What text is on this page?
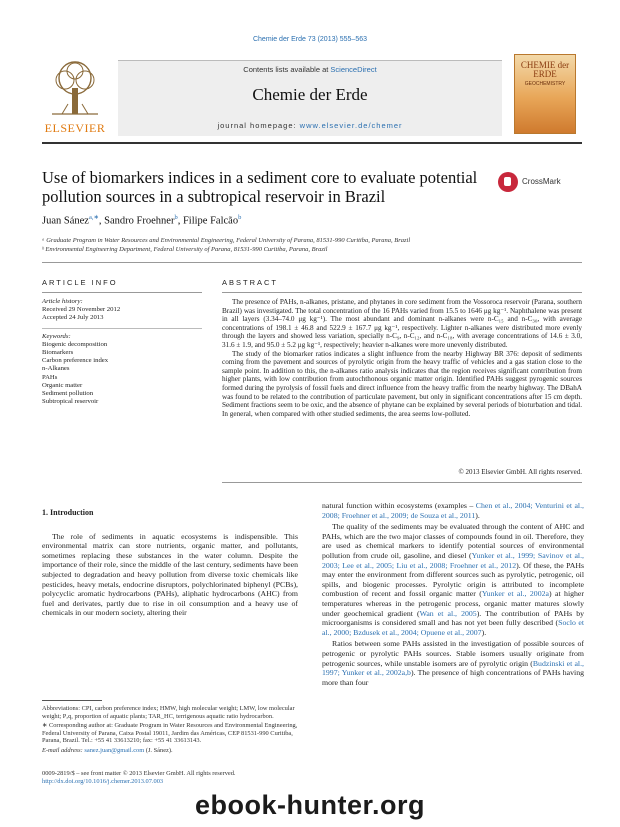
Chemie der Erde 73 (2013) 555–563
ELSEVIER
Contents lists available at ScienceDirect
Chemie der Erde
journal homepage: www.elsevier.de/chemer
CHEMIE der ERDE
GEOCHEMISTRY
Use of biomarkers indices in a sediment core to evaluate potential pollution sources in a subtropical reservoir in Brazil
CrossMark
Juan Sánez$^{a,∗}$, Sandro Froehner$^b$, Filipe Falcão$^b$
ᵃ Graduate Program in Water Resources and Environmental Engineering, Federal University of Parana, 81531-990 Curitiba, Parana, Brazil
ᵇ Environmental Engineering Department, Federal University of Parana, 81531-990 Curitiba, Parana, Brazil
ARTICLE INFO	ABSTRACT
Article history:
Received 29 November 2012
Accepted 24 July 2013
Keywords:
Biogenic decomposition
Biomarkers
Carbon preference index
n-Alkanes
PAHs
Organic matter
Sediment pollution
Subtropical reservoir

The presence of PAHs, n-alkanes, pristane, and phytanes in core sediment from the Vossoroca reservoir (Parana, southern Brazil) was investigated. The total concentration of the 16 PAHs varied from 15.5 to 1646 μg kg⁻¹. Naphthalene was present in all layers (3.34–74.0 μg kg⁻¹). The most abundant and dominant n-alkanes were n-C₁₅ and n-C₃₀, with average concentrations of 198.1 ± 46.8 and 522.9 ± 167.7 μg kg⁻¹, respectively. Lighter n-alkanes were distributed more evenly through the layers and showed less variation, specially n-C₉, n-C₁₂, and n-C₁₈, with average concentrations of 14.6 ± 3.0, 31.6 ± 1.9, and 95.0 ± 5.2 μg kg⁻¹, respectively; heavier n-alkanes were more unevenly distributed.

The study of the biomarker ratios indicates a slight influence from the nearby Highway BR 376: deposit of sediments coming from the pavement and sources of pyrolytic origin from the heavy traffic of vehicles and a gas station close to the sample point. In addition to this, the n-alkanes ratio analysis indicates that the region receives significant contribution from higher plants, with low contribution from autochthonous organic matter origin. Identified PAHs suggest pyrogenic sources formed during the pyrolysis of fossil fuels and direct influence from the heavy traffic from the nearby highway. The DBahA was found to be related to the contribution of particulate pavement, but only in significant concentrations after 15 cm depth. Sediment fractions seem to be oxic, and the absence of phytane can be explained by several periods of bioturbation and tidal. In general, when compared with other studied sediments, the area seems low-polluted.

© 2013 Elsevier GmbH. All rights reserved.
1. Introduction

The role of sediments in aquatic ecosystems is indispensible. This environmental matrix can store nutrients, organic matter, and pollutants, sometimes replacing these substances in the water column. Despite the importance of their role, since the middle of the last century, sediments have been subjected to degradation and heavy pollution from diverse toxic chemicals like pesticides, heavy metals, endocrine disruptors, polychlorinated biphenyl (PCBs), polycyclic aromatic hydrocarbons (PAHs), aliphatic hydrocarbons (AHC) from fuel and derivates, partly due to rise in oil consumption and a heavy use of chemicals in our modern society, altering their

natural function within ecosystems (examples – Chen et al., 2004; Venturini et al., 2008; Froehner et al., 2009; de Souza et al., 2011).

The quality of the sediments may be evaluated through the content of AHC and PAHs, which are the two major classes of compounds found in oil. Therefore, they are used as chemical markers to identify potential sources of environmental pollution from crude oil, gasoline, and diesel (Yunker et al., 1999; Savinov et al., 2003; Lee et al., 2005; Liu et al., 2008; Froehner et al., 2012). Of these, the PAHs may enter the environment from different sources such as pyrolytic, petrogenic, oil spills, and biogenic processes. Pyrolytic origin is attributed to incomplete combustion of recent and fossil organic matter (Yunker et al., 2002a) at higher temperatures whereas in the petrogenic process, organic matter matures slowly under geochemical gradient (Wan et al., 2005). The contribution of PAHs by microorganisms is considered small and has not yet been fully described (Soclo et al., 2000; Bzdusek et al., 2004; Opuene et al., 2007).

Ratios between some PAHs assisted in the investigation of possible sources of petrogenic or pyrolytic PAHs sources. Stable isomers usually originate from petrogenic sources, while unstable isomers are of pyrolytic origin (Budzinski et al., 1997; Yunker et al., 2002a,b). The presence of high concentrations of PAHs having more than four

Abbreviations: CPI, carbon preference index; HMW, high molecular weight; LMW, low molecular weight; Pₐq, proportion of aquatic plants; TAR_HC, terrigenous aquatic ratio hydrocarbon.

∗ Corresponding author at: Graduate Program in Water Resources and Environmental Engineering, Federal University of Parana, Caixa Postal 19011, Jardim das Américas, CEP 81531-990 Curitiba, Parana, Brazil. Tel.: +55 41 33613210; fax: +55 41 33613143.

E-mail address: sanez.juan@gmail.com (J. Sánez).

0009-2819/$ – see front matter © 2013 Elsevier GmbH. All rights reserved.
http://dx.doi.org/10.1016/j.chemer.2013.07.003
ebook-hunter.org
